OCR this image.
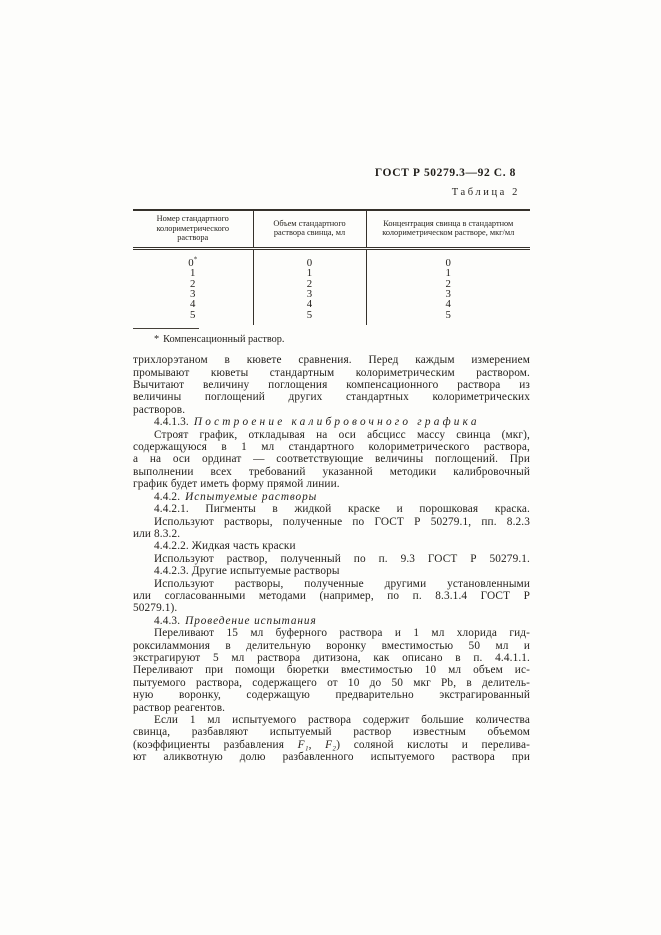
ГОСТ Р 50279.3—92 С. 8
Таблица 2
Номер стандартного колориметрического раствора	Объем стандартного раствора свинца, мл	Концентрация свинца в стандартном колориметрическом растворе, мкг/мл
0*	0	0
1	1	1
2	2	2
3	3	3
4	4	4
5	5	5
* Компенсационный раствор.
трихлорэтаном в кювете сравнения. Перед каждым измерением
промывают кюветы стандартным колориметрическим раствором.
Вычитают величину поглощения компенсационного раствора из
величины поглощений других стандартных колориметрических
растворов.
4.4.1.3. Построение калибровочного графика
Строят график, откладывая на оси абсцисс массу свинца (мкг),
содержащуюся в 1 мл стандартного колориметрического раствора,
а на оси ординат — соответствующие величины поглощений. При
выполнении всех требований указанной методики калибровочный
график будет иметь форму прямой линии.
4.4.2. Испытуемые растворы
4.4.2.1. Пигменты в жидкой краске и порошковая краска.
Используют растворы, полученные по ГОСТ Р 50279.1, пп. 8.2.3
или 8.3.2.
4.4.2.2. Жидкая часть краски
Используют раствор, полученный по п. 9.3 ГОСТ Р 50279.1.
4.4.2.3. Другие испытуемые растворы
Используют растворы, полученные другими установленными
или согласованными методами (например, по п. 8.3.1.4 ГОСТ Р
50279.1).
4.4.3. Проведение испытания
Переливают 15 мл буферного раствора и 1 мл хлорида гид-
роксиламмония в делительную воронку вместимостью 50 мл и
экстрагируют 5 мл раствора дитизона, как описано в п. 4.4.1.1.
Переливают при помощи бюретки вместимостью 10 мл объем ис-
пытуемого раствора, содержащего от 10 до 50 мкг Pb, в делитель-
ную воронку, содержащую предварительно экстрагированный
раствор реагентов.
Если 1 мл испытуемого раствора содержит большие количества
свинца, разбавляют испытуемый раствор известным объемом
(коэффициенты разбавления F₁, F₂) соляной кислоты и перелива-
ют аликвотную долю разбавленного испытуемого раствора при
